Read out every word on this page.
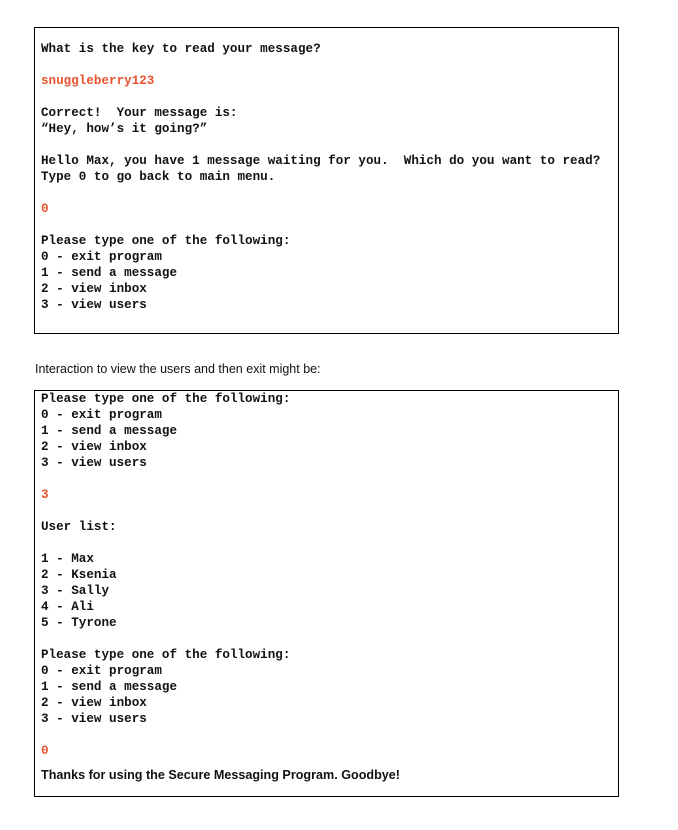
What is the key to read your message?
snuggleberry123
Correct!  Your message is:
“Hey, how’s it going?”
Hello Max, you have 1 message waiting for you.  Which do you want to read?
Type 0 to go back to main menu.
0
Please type one of the following:
0 - exit program
1 - send a message
2 - view inbox
3 - view users
Interaction to view the users and then exit might be:
Please type one of the following:
0 - exit program
1 - send a message
2 - view inbox
3 - view users
3
User list:
1 - Max
2 - Ksenia
3 - Sally
4 - Ali
5 - Tyrone
Please type one of the following:
0 - exit program
1 - send a message
2 - view inbox
3 - view users
0
Thanks for using the Secure Messaging Program. Goodbye!
